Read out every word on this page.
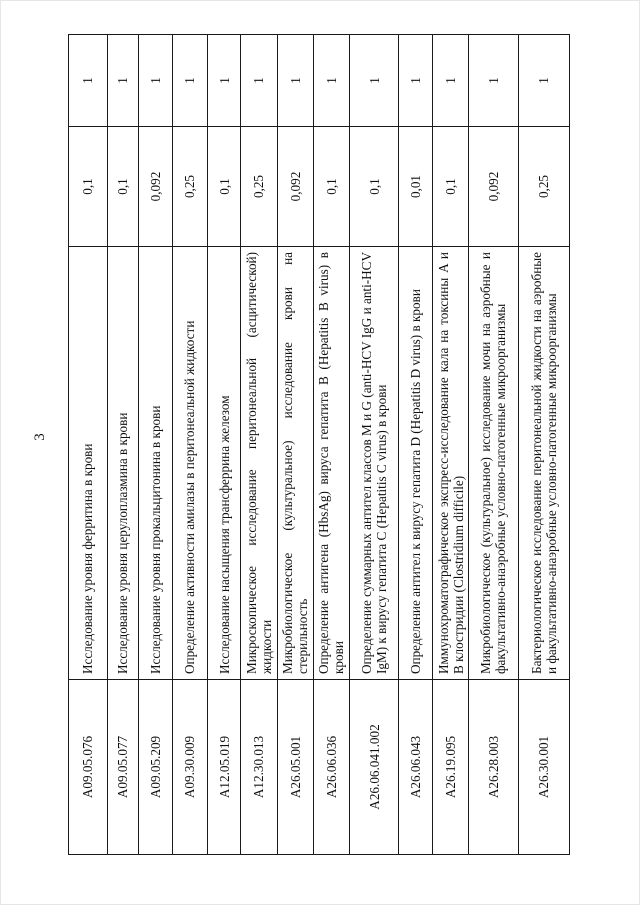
3
A09.05.076	Исследование уровня ферритина в крови	0,1	1
A09.05.077	Исследование уровня церулоплазмина в крови	0,1	1
A09.05.209	Исследование уровня прокальцитонина в крови	0,092	1
A09.30.009	Определение активности амилазы в перитонеальной жидкости	0,25	1
A12.05.019	Исследование насыщения трансферрина железом	0,1	1
A12.30.013	Микроскопическое исследование перитонеальной (асцитической) жидкости	0,25	1
A26.05.001	Микробиологическое (культуральное) исследование крови на стерильность	0,092	1
A26.06.036	Определение антигена (HbsAg) вируса гепатита B (Hepatitis B virus) в крови	0,1	1
A26.06.041.002	Определение суммарных антител классов M и G (anti-HCV IgG и anti-HCV IgM) к вирусу гепатита C (Hepatitis C virus) в крови	0,1	1
A26.06.043	Определение антител к вирусу гепатита D (Hepatitis D virus) в крови	0,01	1
A26.19.095	Иммунохроматографическое экспресс-исследование кала на токсины A и B клостридии (Clostridium difficile)	0,1	1
A26.28.003	Микробиологическое (культуральное) исследование мочи на аэробные и факультативно-анаэробные условно-патогенные микроорганизмы	0,092	1
A26.30.001	Бактериологическое исследование перитонеальной жидкости на аэробные и факультативно-анаэробные условно-патогенные микроорганизмы	0,25	1
